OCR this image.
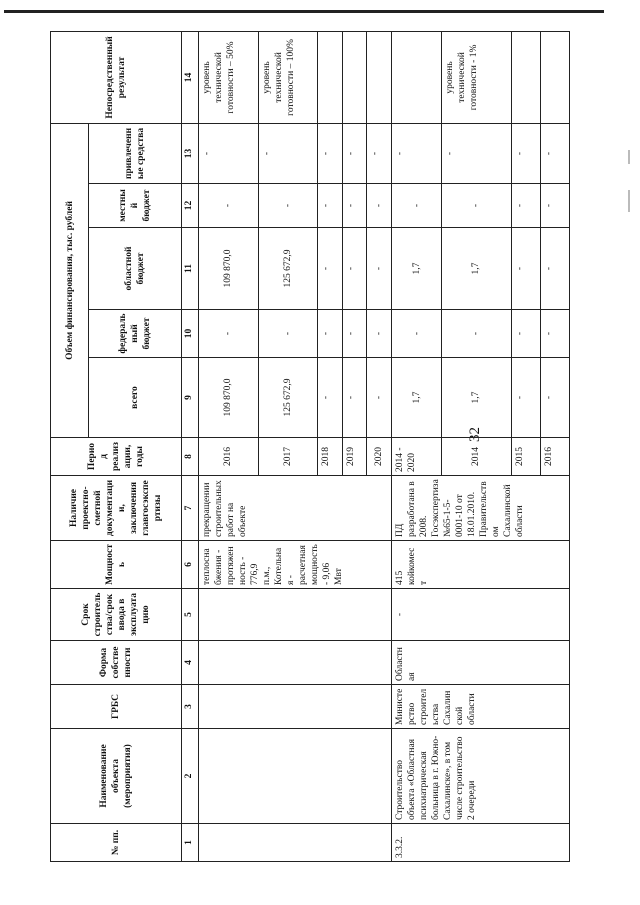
32
№ пп.	Наименование объекта (мероприятия)	ГРБС	Форма собственности	Срок строительства/срок ввода в эксплуатацию	Мощность	Наличие проектно-сметной документации, заключения главгосэкспертизы	Период реализации, годы	Объем финансирования, тыс. рублей					Непосредственный результат
								всего	федеральный бюджет	областной бюджет	местный бюджет	привлеченные средства	
1	2	3	4	5	6	7	8	9	10	11	12	13	14
					теплоснабжения - протяженность - 776,9 п.м., Котельная - расчетная мощность - 9,06 Мвт	прекращении строительных работ на объекте	2016	109 870,0	-	109 870,0	-	-	уровень технической готовности – 50%
							2017	125 672,9	-	125 672,9	-	-	уровень технической готовности – 100%
							2018	-	-	-	-	-	
							2019	-	-	-	-	-	
							2020	-	-	-	-	-	
3.3.2.	Строительство объекта «Областная психиатрическая больница в г. Южно-Сахалинске», в том числе строительство 2 очереди	Министерство строительства Сахалинской области	Областная	-	415 койкомест	ПД разработана в 2008. Госэкспертиза №65-1-5-0001-10 от 18.01.2010. Правительством Сахалинской области	2014 - 2020	1,7	-	1,7	-	-	
							2014	1,7	-	1,7	-	-	уровень технической готовности - 1%
							2015	-	-	-	-	-	
							2016	-	-	-	-	-	
